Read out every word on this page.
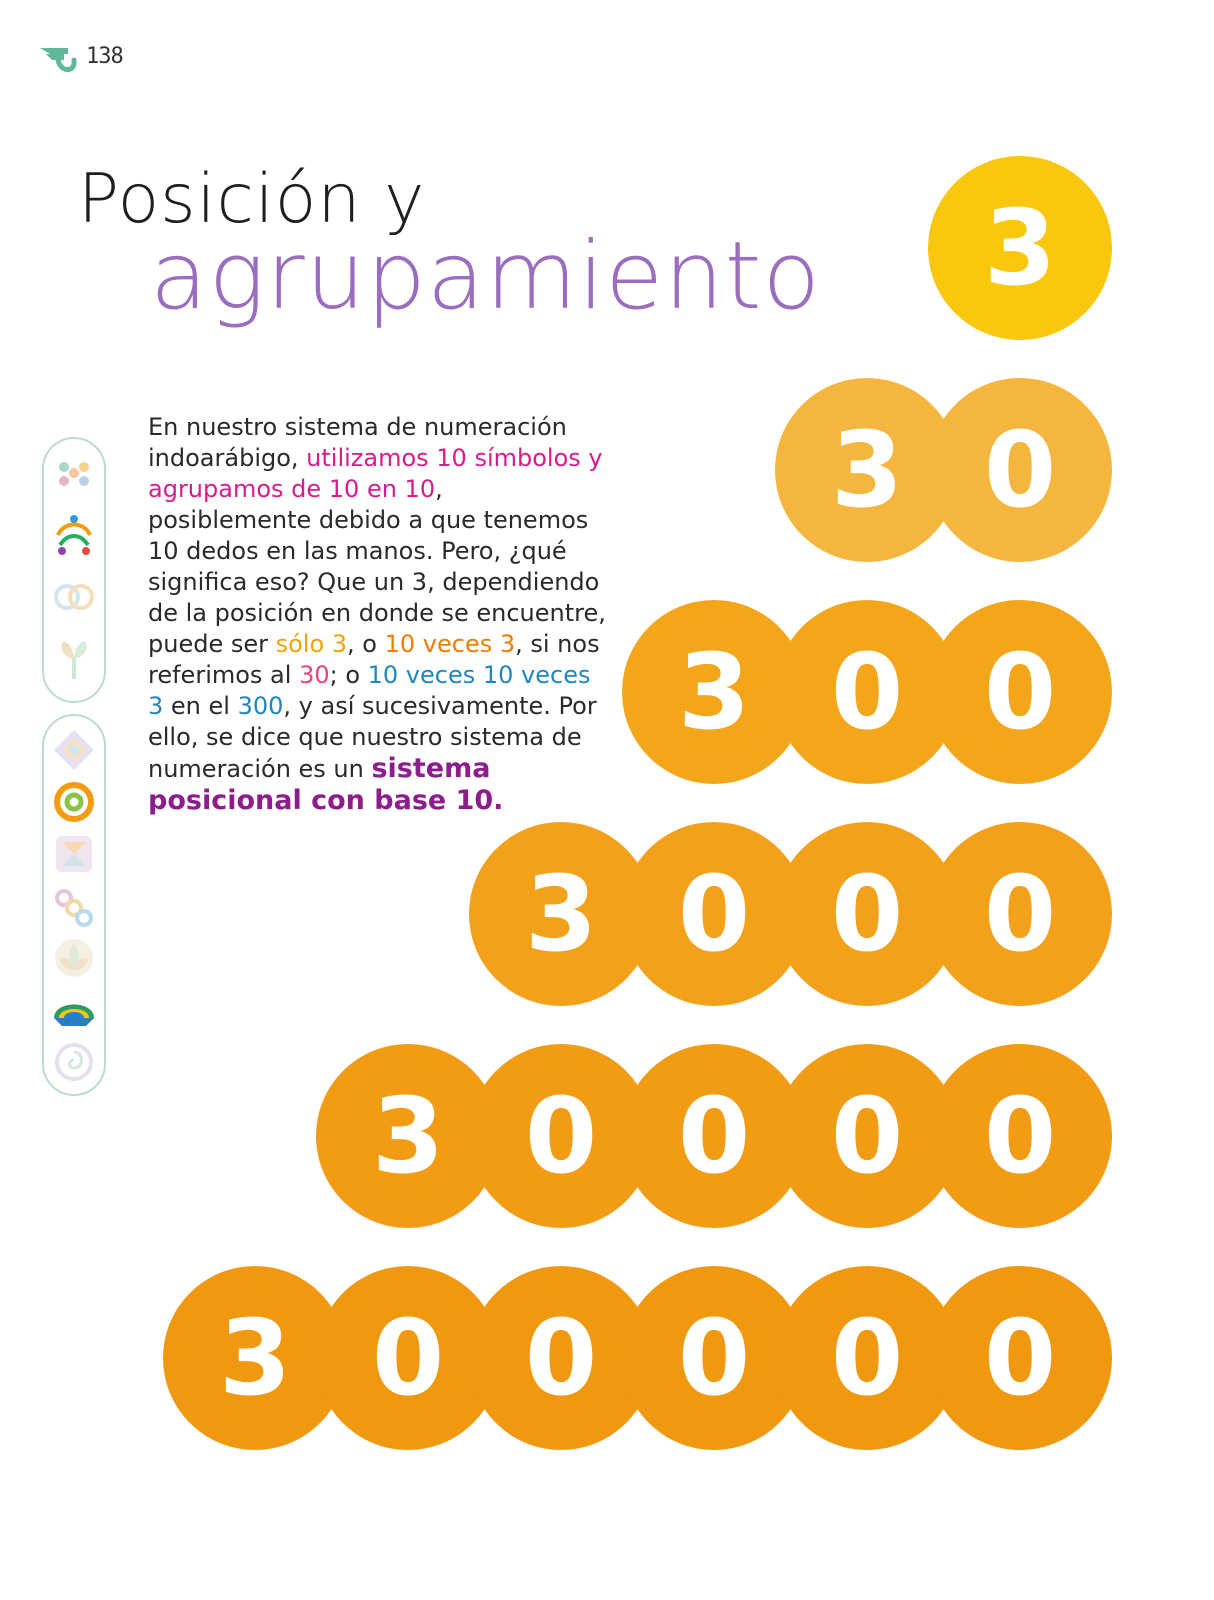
138
Posición y
agrupamiento
En nuestro sistema de numeración indoarábigo, utilizamos 10 símbolos y agrupamos de 10 en 10, posiblemente debido a que tenemos 10 dedos en las manos. Pero, ¿qué significa eso? Que un 3, dependiendo de la posición en donde se encuentre, puede ser sólo 3, o 10 veces 3, si nos referimos al 30; o 10 veces 10 veces 3 en el 300, y así sucesivamente. Por ello, se dice que nuestro sistema de numeración es un sistema posicional con base 10.
3
3 0
3 0 0
3 0 0 0
3 0 0 0 0
3 0 0 0 0 0
